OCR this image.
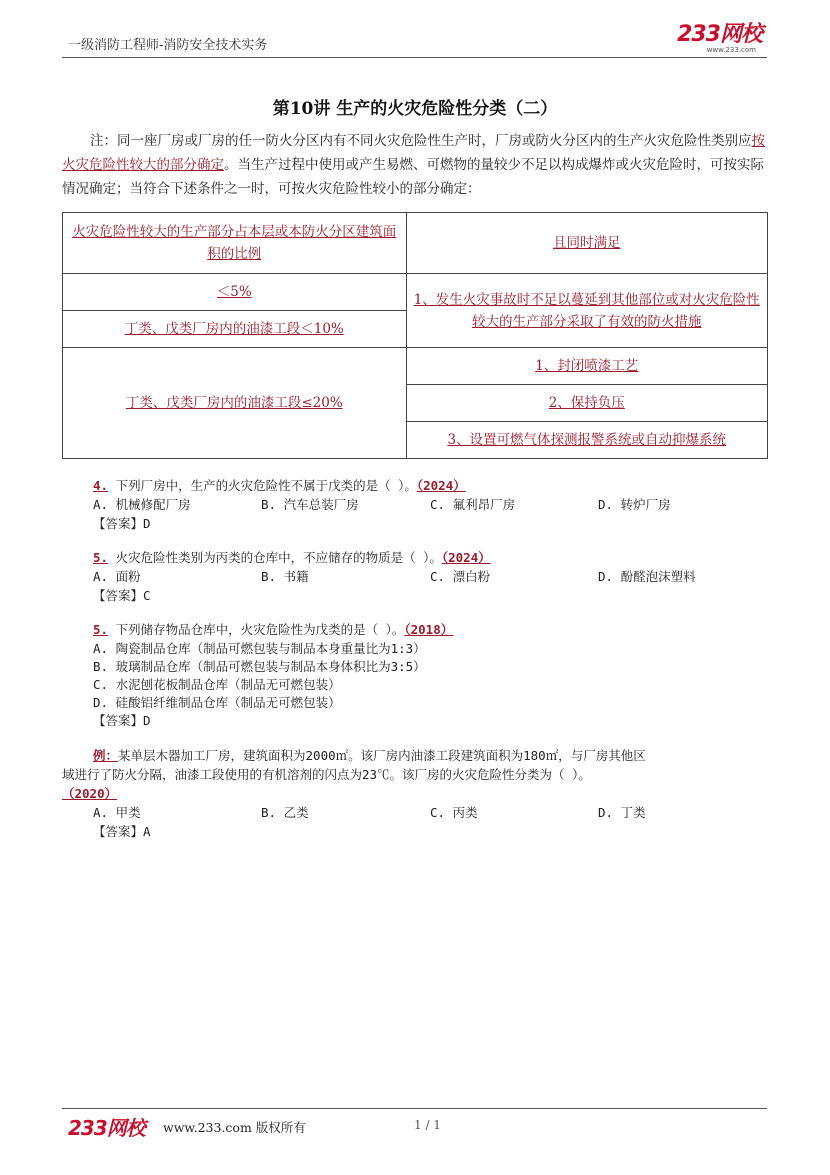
一级消防工程师-消防安全技术实务	233网校
www.233.com
第10讲 生产的火灾危险性分类（二）
注：同一座厂房或厂房的任一防火分区内有不同火灾危险性生产时，厂房或防火分区内的生产火灾危险性类别应按火灾危险性较大的部分确定。当生产过程中使用或产生易燃、可燃物的量较少不足以构成爆炸或火灾危险时，可按实际情况确定；当符合下述条件之一时，可按火灾危险性较小的部分确定：
火灾危险性较大的生产部分占本层或本防火分区建筑面积的比例	且同时满足
＜5%	1、发生火灾事故时不足以蔓延到其他部位或对火灾危险性较大的生产部分采取了有效的防火措施
丁类、戊类厂房内的油漆工段＜10%	
丁类、戊类厂房内的油漆工段≤20%	1、封闭喷漆工艺
	2、保持负压
	3、设置可燃气体探测报警系统或自动抑爆系统
4. 下列厂房中，生产的火灾危险性不属于戊类的是（ ）。（2024）
A. 机械修配厂房	B. 汽车总装厂房	C. 氟利昂厂房	D. 转炉厂房
【答案】D
5. 火灾危险性类别为丙类的仓库中，不应储存的物质是（ ）。（2024）
A. 面粉	B. 书籍	C. 漂白粉	D. 酚醛泡沫塑料
【答案】C
5. 下列储存物品仓库中，火灾危险性为戊类的是（ ）。（2018）
A. 陶瓷制品仓库（制品可燃包装与制品本身重量比为1:3）
B. 玻璃制品仓库（制品可燃包装与制品本身体积比为3:5）
C. 水泥刨花板制品仓库（制品无可燃包装）
D. 硅酸铝纤维制品仓库（制品无可燃包装）
【答案】D
例：某单层木器加工厂房，建筑面积为2000㎡。该厂房内油漆工段建筑面积为180㎡，与厂房其他区
域进行了防火分隔，油漆工段使用的有机溶剂的闪点为23℃。该厂房的火灾危险性分类为（ ）。
（2020）
A. 甲类	B. 乙类	C. 丙类	D. 丁类
【答案】A
233网校 www.233.com 版权所有	1 / 1
